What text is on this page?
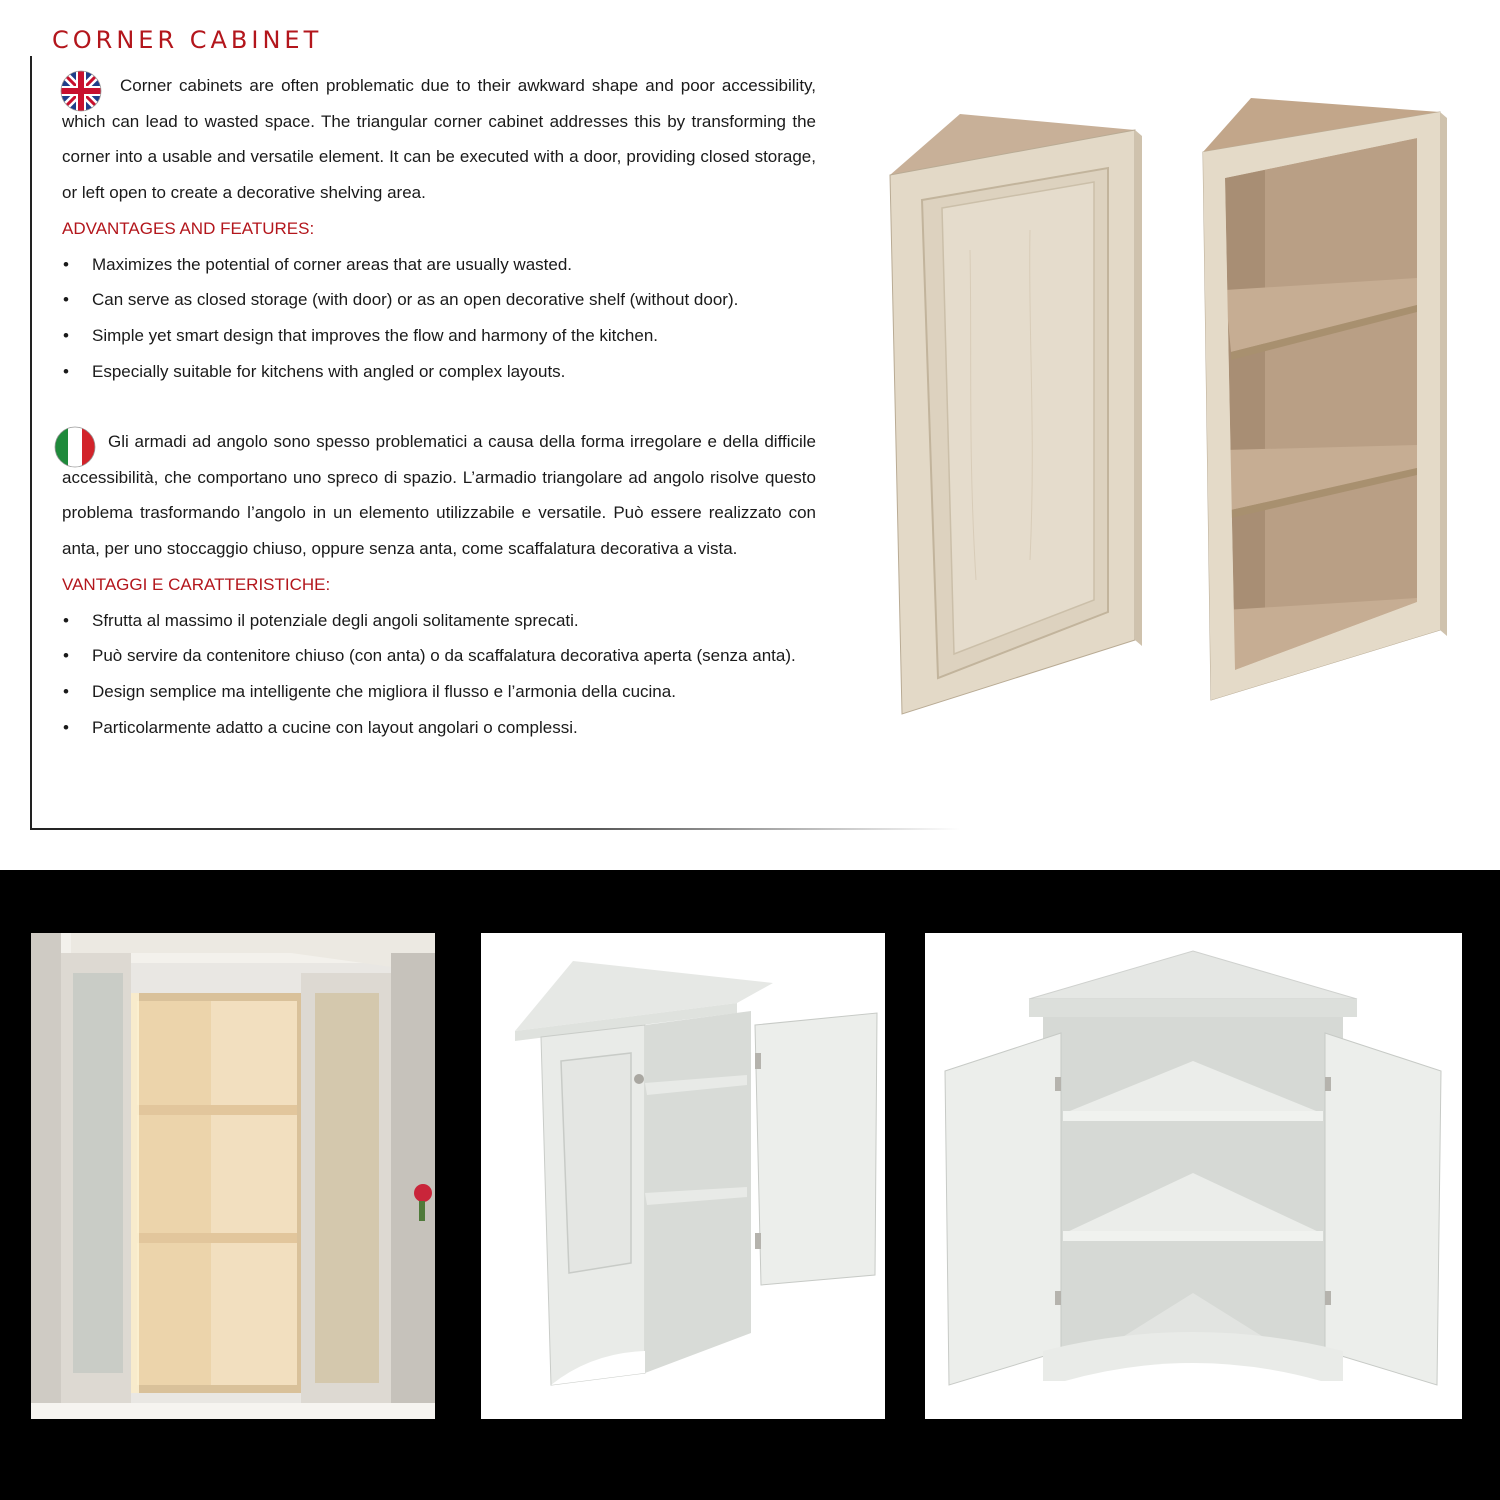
CORNER CABINET

Corner cabinets are often problematic due to their awkward shape and poor accessibility, which can lead to wasted space. The triangular corner cabinet addresses this by transforming the corner into a usable and versatile element. It can be executed with a door, providing closed storage, or left open to create a decorative shelving area.

ADVANTAGES AND FEATURES:

• Maximizes the potential of corner areas that are usually wasted.
• Can serve as closed storage (with door) or as an open decorative shelf (without door).
• Simple yet smart design that improves the flow and harmony of the kitchen.
• Especially suitable for kitchens with angled or complex layouts.

Gli armadi ad angolo sono spesso problematici a causa della forma irregolare e della difficile accessibilità, che comportano uno spreco di spazio. L’armadio triangolare ad angolo risolve questo problema trasformando l’angolo in un elemento utilizzabile e versatile. Può essere realizzato con anta, per uno stoccaggio chiuso, oppure senza anta, come scaffalatura decorativa a vista.

VANTAGGI E CARATTERISTICHE:

• Sfrutta al massimo il potenziale degli angoli solitamente sprecati.
• Può servire da contenitore chiuso (con anta) o da scaffalatura decorativa aperta (senza anta).
• Design semplice ma intelligente che migliora il flusso e l’armonia della cucina.
• Particolarmente adatto a cucine con layout angolari o complessi.
